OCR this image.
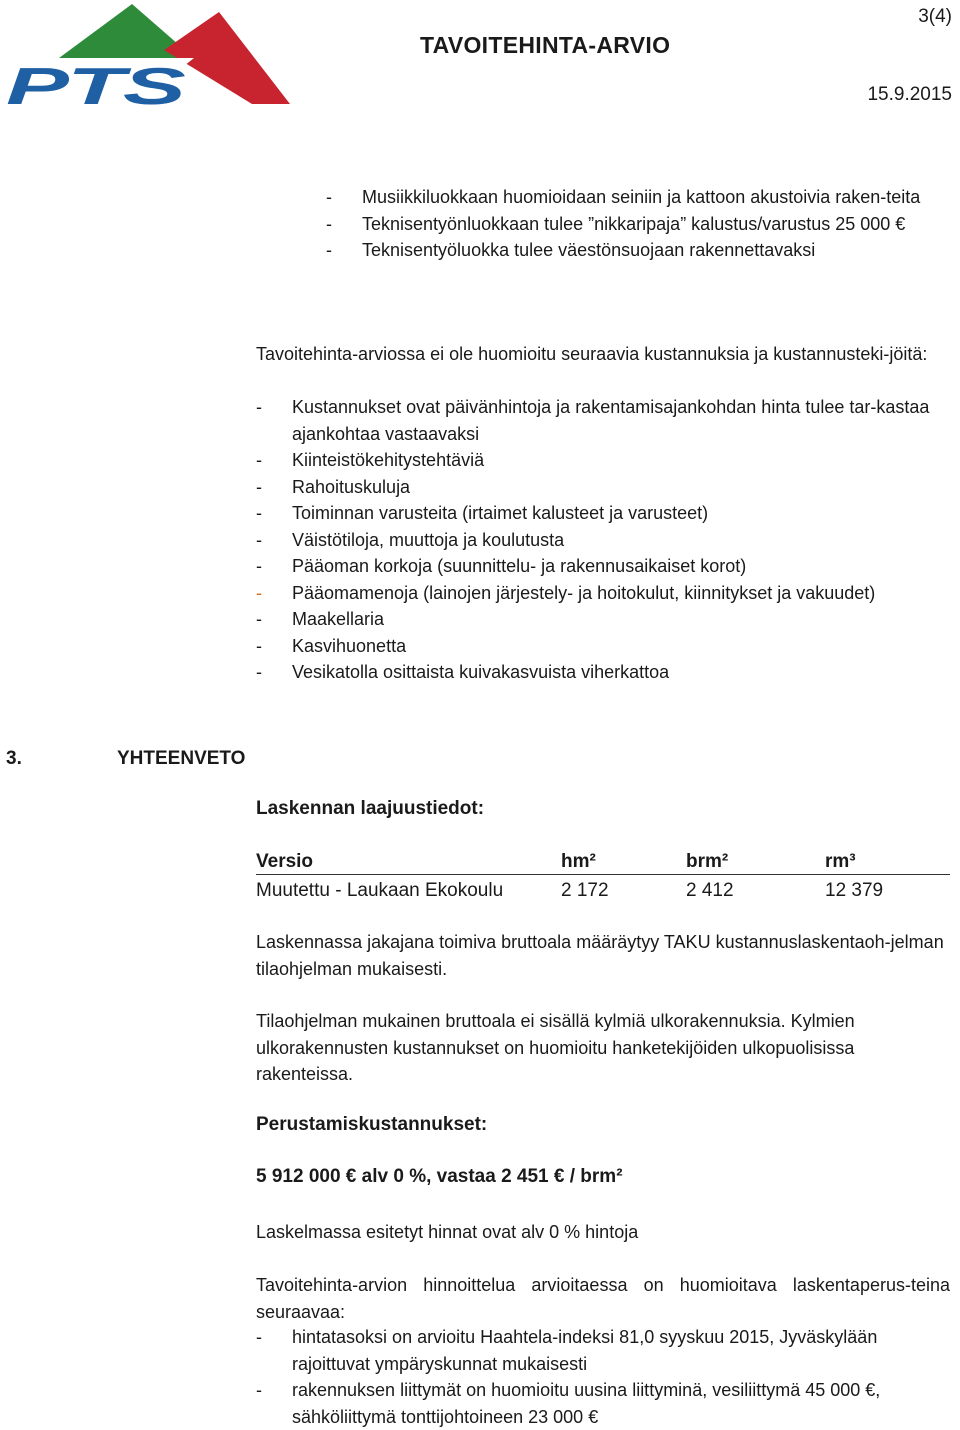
PTS
3(4)
TAVOITEHINTA-ARVIO
15.9.2015
- Musiikkiluokkaan huomioidaan seiniin ja kattoon akustoivia raken-teita
- Teknisentyönluokkaan tulee ”nikkaripaja” kalustus/varustus 25 000 €
- Teknisentyöluokka tulee väestönsuojaan rakennettavaksi
Tavoitehinta-arviossa ei ole huomioitu seuraavia kustannuksia ja kustannusteki-jöitä:
- Kustannukset ovat päivänhintoja ja rakentamisajankohdan hinta tulee tar-kastaa ajankohtaa vastaavaksi
- Kiinteistökehitystehtäviä
- Rahoituskuluja
- Toiminnan varusteita (irtaimet kalusteet ja varusteet)
- Väistötiloja, muuttoja ja koulutusta
- Pääoman korkoja (suunnittelu- ja rakennusaikaiset korot)
- Pääomamenoja (lainojen järjestely- ja hoitokulut, kiinnitykset ja vakuudet)
- Maakellaria
- Kasvihuonetta
- Vesikatolla osittaista kuivakasvuista viherkattoa
3.	YHTEENVETO
Laskennan laajuustiedot:
Versio	hm²	brm²	rm³
Muutettu - Laukaan Ekokoulu	2 172	2 412	12 379
Laskennassa jakajana toimiva bruttoala määräytyy TAKU kustannuslaskentaoh-jelman tilaohjelman mukaisesti.
Tilaohjelman mukainen bruttoala ei sisällä kylmiä ulkorakennuksia. Kylmien ulkorakennusten kustannukset on huomioitu hanketekijöiden ulkopuolisissa rakenteissa.
Perustamiskustannukset:
5 912 000 € alv 0 %, vastaa 2 451 € / brm²
Laskelmassa esitetyt hinnat ovat alv 0 % hintoja
Tavoitehinta-arvion hinnoittelua arvioitaessa on huomioitava laskentaperus-teina seuraavaa:
- hintatasoksi on arvioitu Haahtela-indeksi 81,0 syyskuu 2015, Jyväskylään rajoittuvat ympäryskunnat mukaisesti
- rakennuksen liittymät on huomioitu uusina liittyminä, vesiliittymä 45 000 €, sähköliittymä tonttijohtoineen 23 000 €
